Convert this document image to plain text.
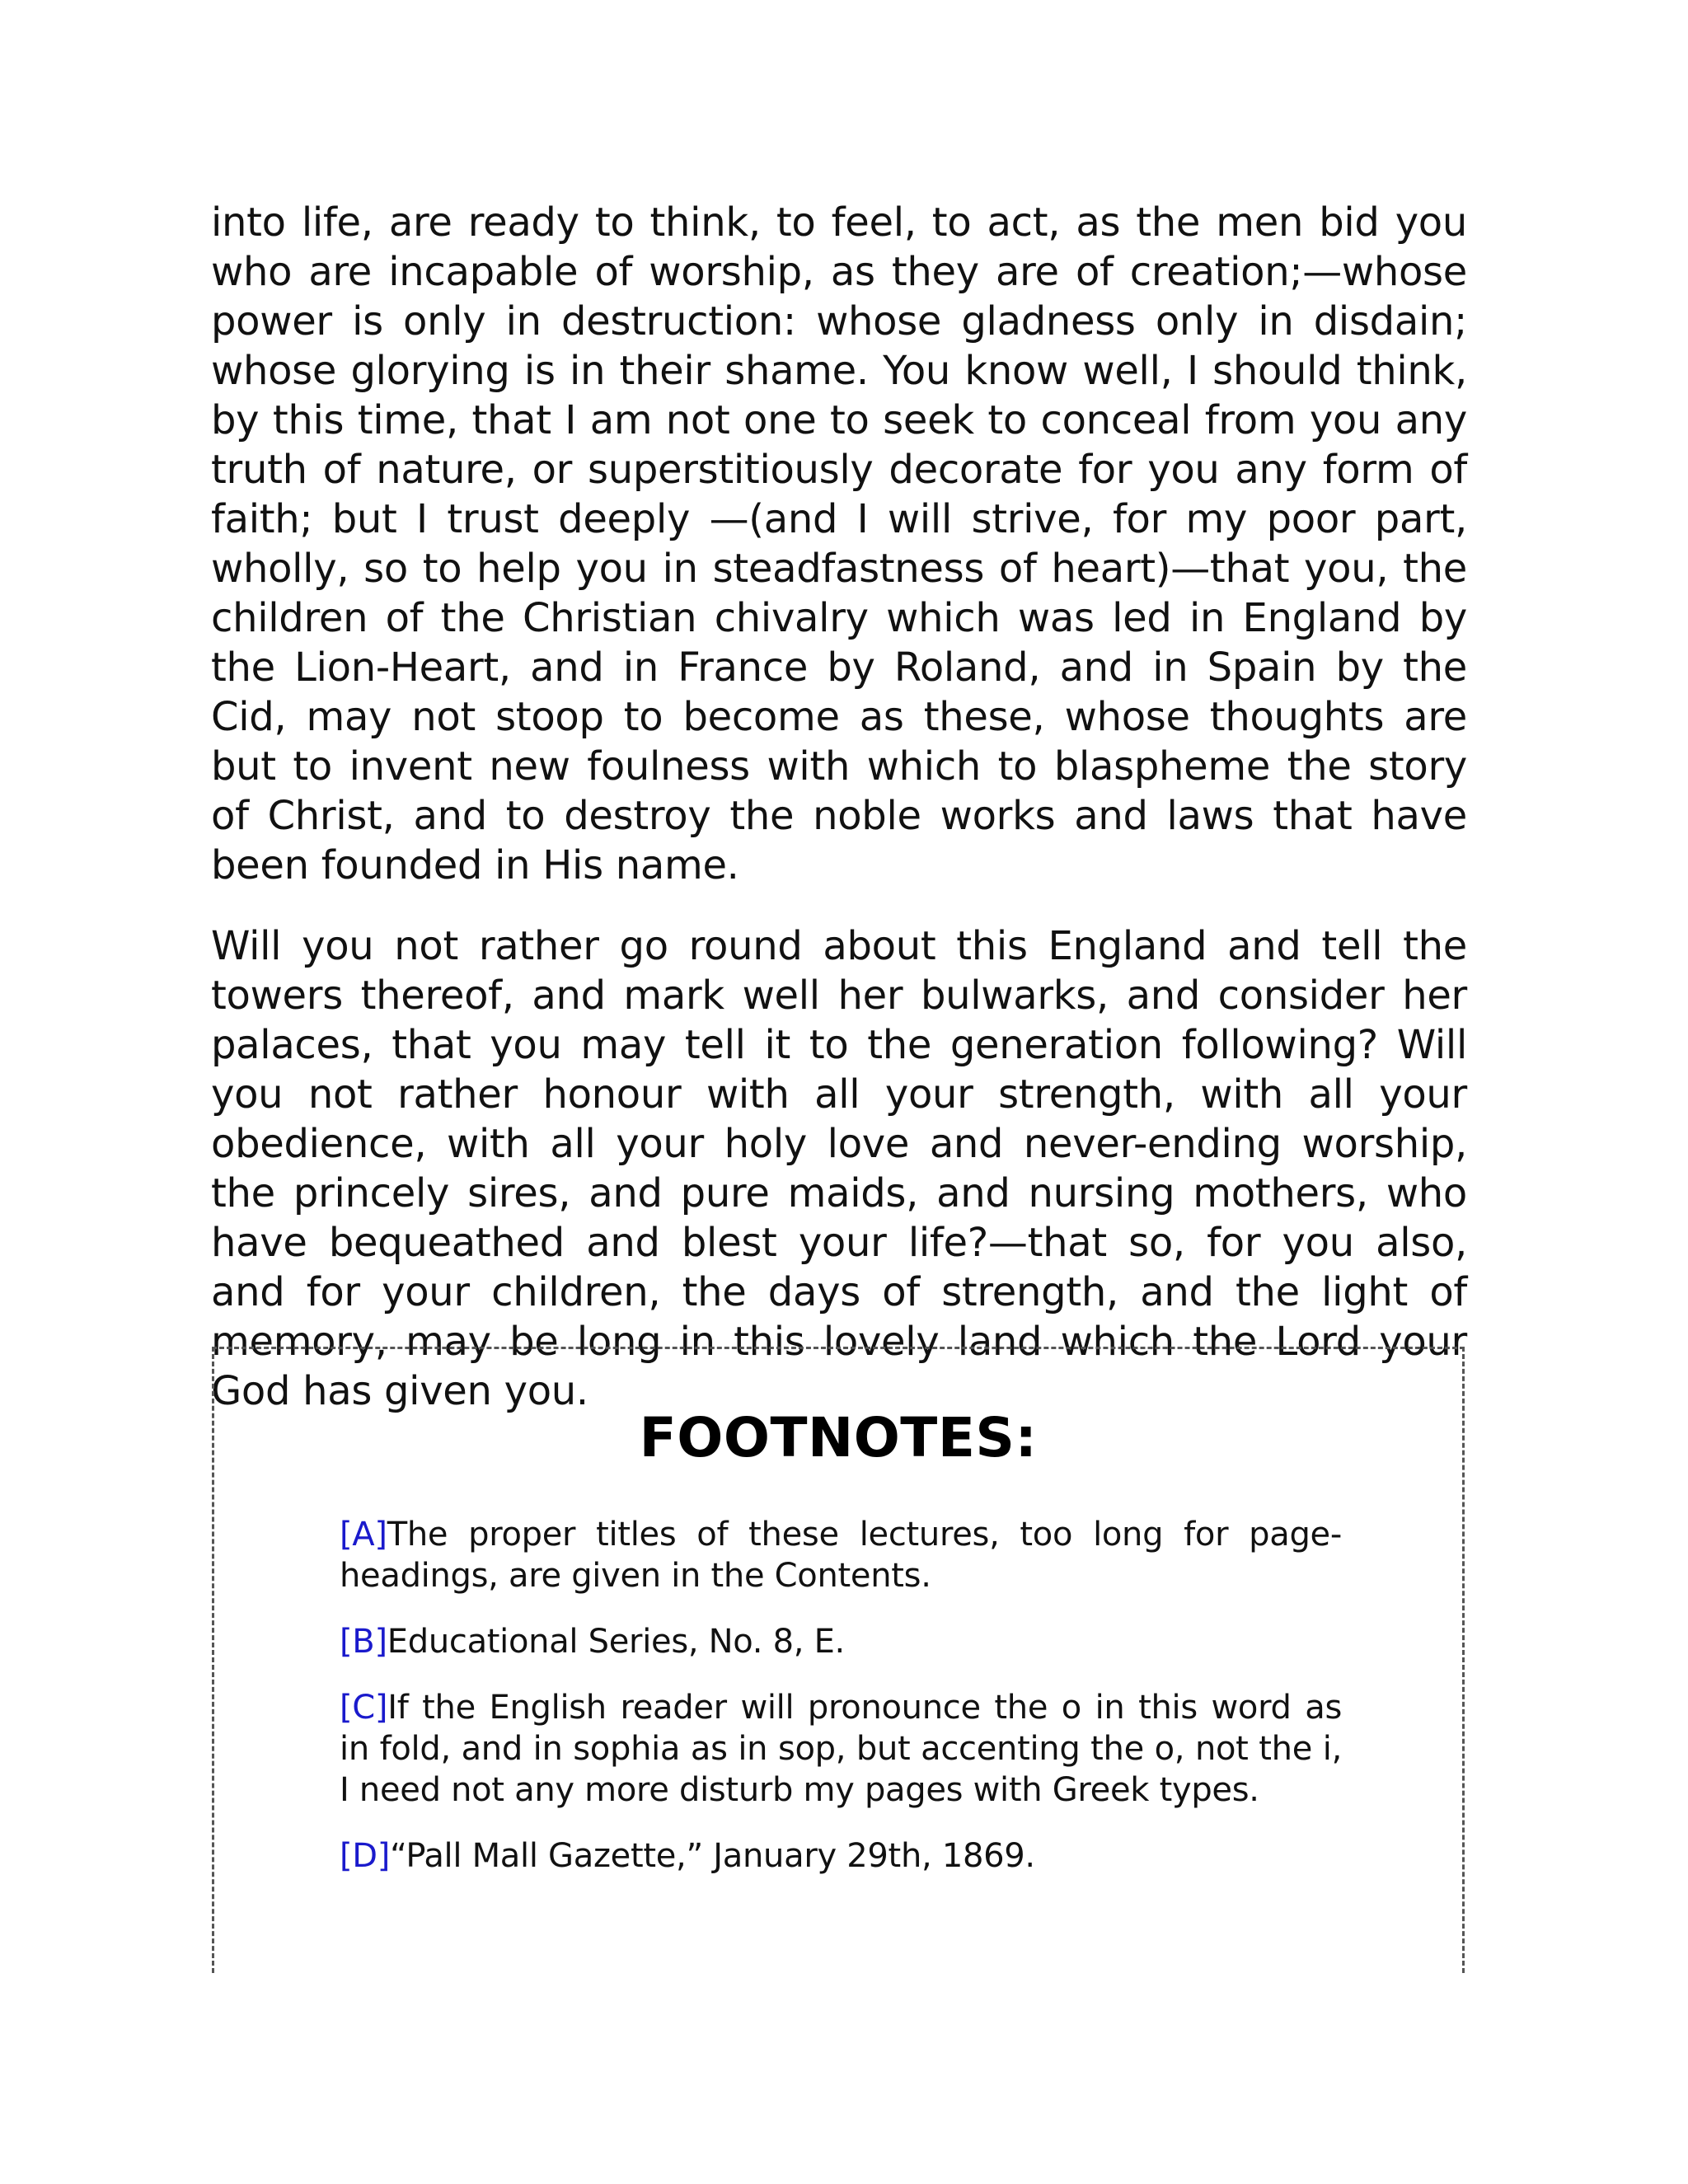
into life, are ready to think, to feel, to act, as the men bid you who are incapable of worship, as they are of creation;—whose power is only in destruction: whose gladness only in disdain; whose glorying is in their shame. You know well, I should think, by this time, that I am not one to seek to conceal from you any truth of nature, or superstitiously decorate for you any form of faith; but I trust deeply —(and I will strive, for my poor part, wholly, so to help you in steadfastness of heart)—that you, the children of the Christian chivalry which was led in England by the Lion-Heart, and in France by Roland, and in Spain by the Cid, may not stoop to become as these, whose thoughts are but to invent new foulness with which to blaspheme the story of Christ, and to destroy the noble works and laws that have been founded in His name.

Will you not rather go round about this England and tell the towers thereof, and mark well her bulwarks, and consider her palaces, that you may tell it to the generation following? Will you not rather honour with all your strength, with all your obedience, with all your holy love and never-ending worship, the princely sires, and pure maids, and nursing mothers, who have bequeathed and blest your life?—that so, for you also, and for your children, the days of strength, and the light of memory, may be long in this lovely land which the Lord your God has given you.

FOOTNOTES:

[A]The proper titles of these lectures, too long for page-headings, are given in the Contents.

[B]Educational Series, No. 8, E.

[C]If the English reader will pronounce the o in this word as in fold, and in sophia as in sop, but accenting the o, not the i, I need not any more disturb my pages with Greek types.

[D]“Pall Mall Gazette,” January 29th, 1869.
